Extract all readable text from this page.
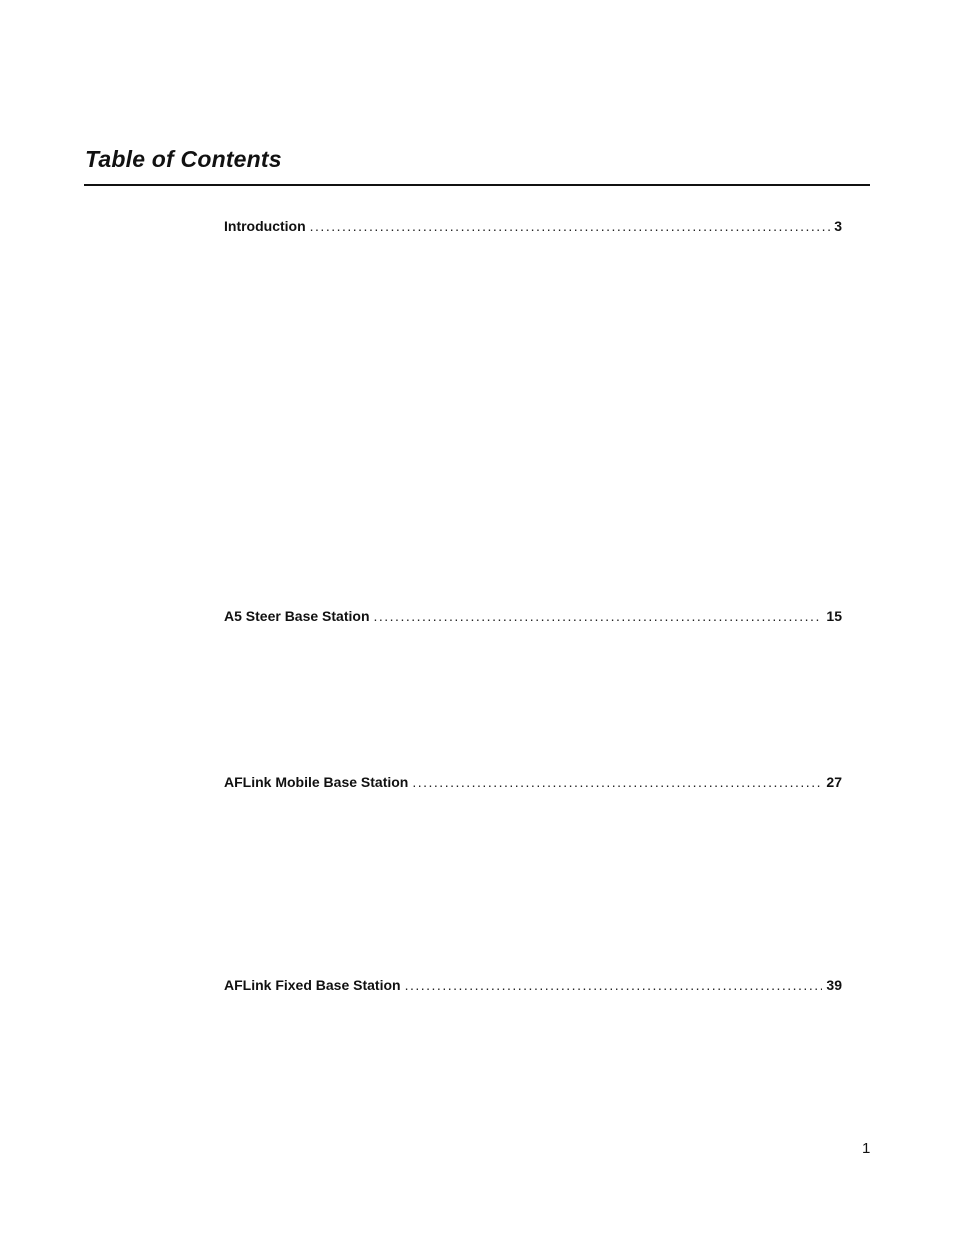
Table of Contents
Introduction .....	3
A5 Steer Base Station .....	15
AFLink Mobile Base Station .....	27
AFLink Fixed Base Station .....	39
1
